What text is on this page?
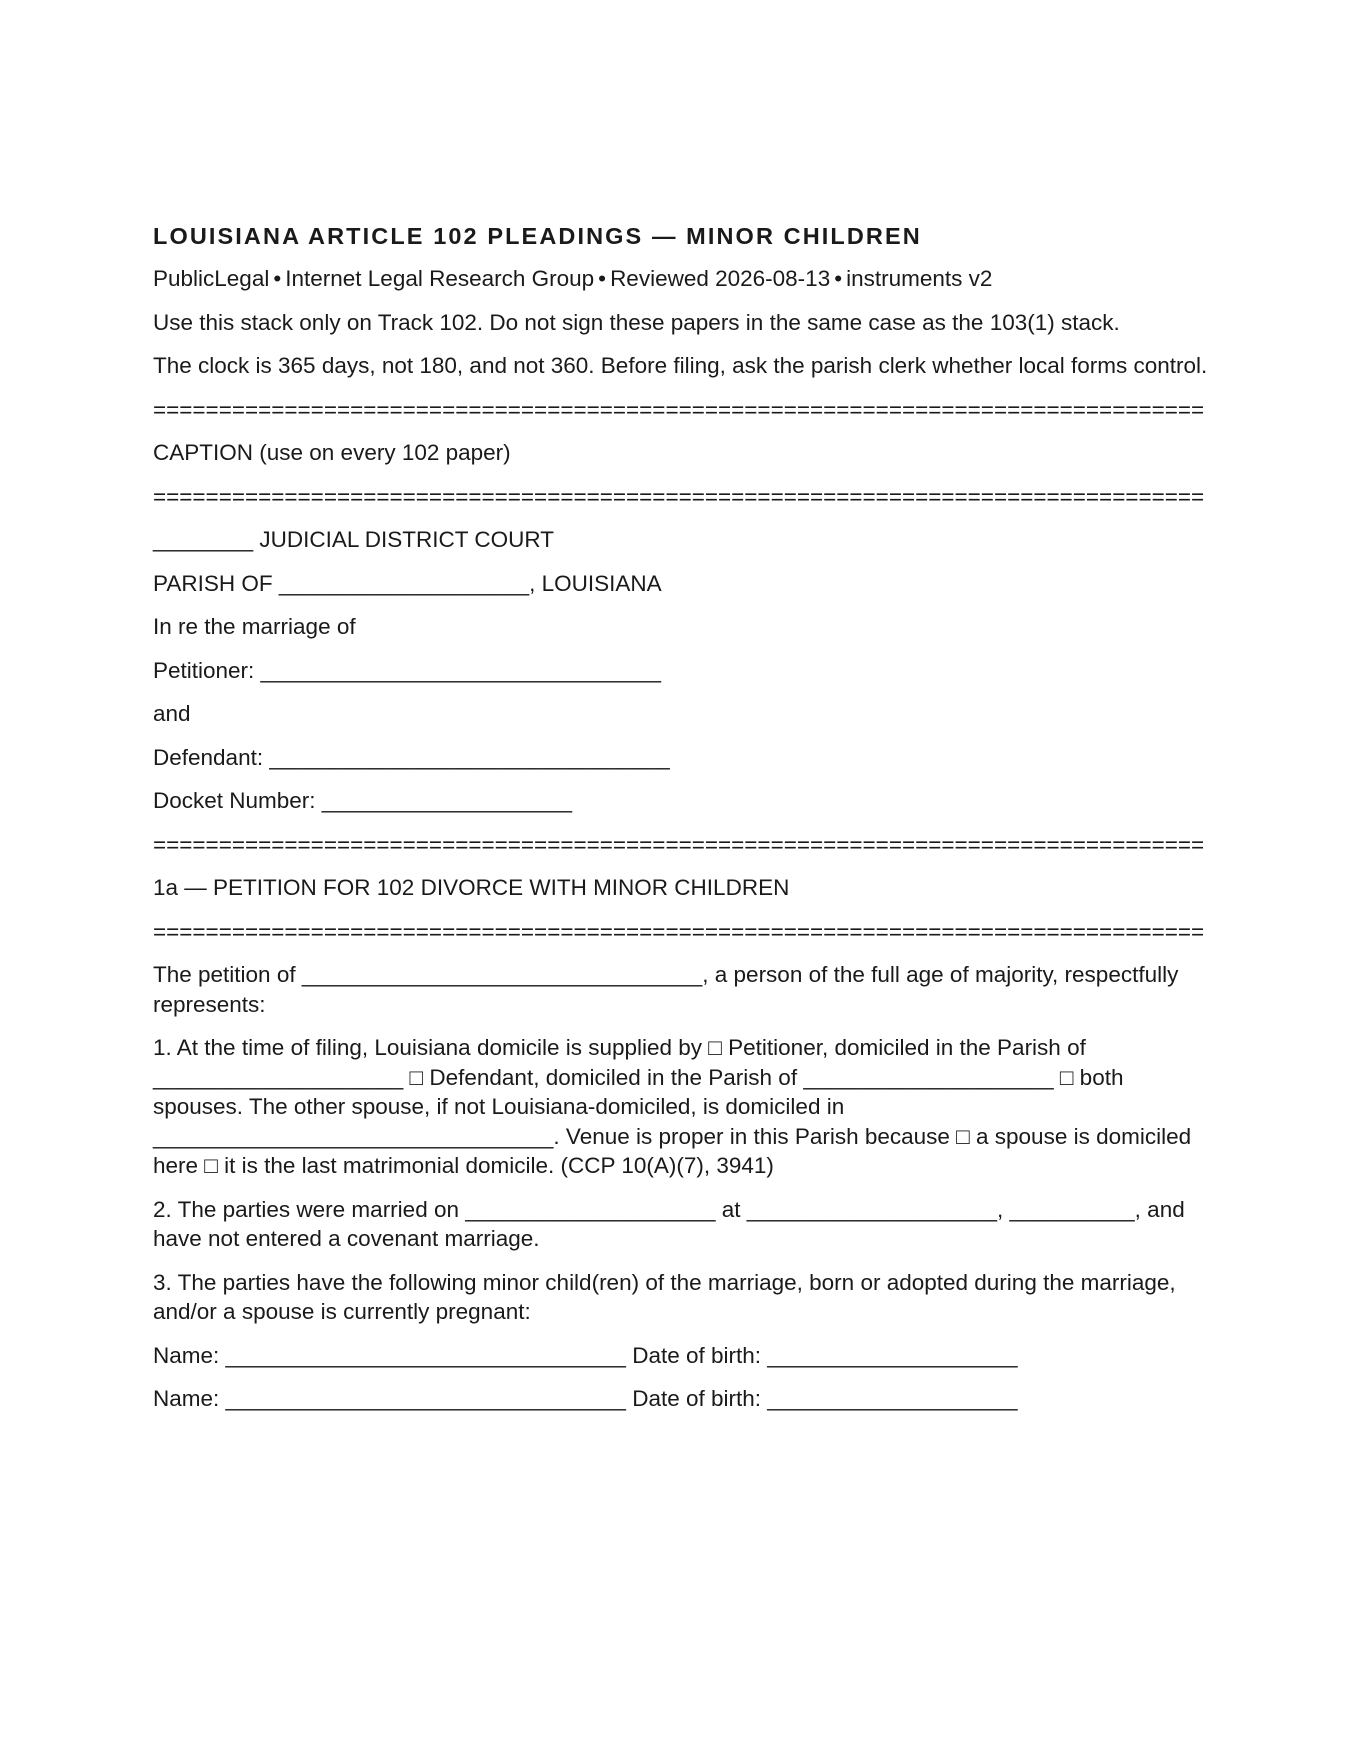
LOUISIANA ARTICLE 102 PLEADINGS — MINOR CHILDREN
PublicLegal • Internet Legal Research Group • Reviewed 2026-08-13 • instruments v2
Use this stack only on Track 102. Do not sign these papers in the same case as the 103(1) stack.
The clock is 365 days, not 180, and not 360. Before filing, ask the parish clerk whether local forms control.
================================================================================
CAPTION (use on every 102 paper)
================================================================================
________ JUDICIAL DISTRICT COURT
PARISH OF ____________________, LOUISIANA
In re the marriage of
Petitioner: ________________________________
and
Defendant: ________________________________
Docket Number: ____________________
================================================================================
1a — PETITION FOR 102 DIVORCE WITH MINOR CHILDREN
================================================================================
The petition of ________________________________, a person of the full age of majority, respectfully represents:
1. At the time of filing, Louisiana domicile is supplied by □ Petitioner, domiciled in the Parish of ____________________ □ Defendant, domiciled in the Parish of ____________________ □ both spouses. The other spouse, if not Louisiana-domiciled, is domiciled in ________________________________. Venue is proper in this Parish because □ a spouse is domiciled here □ it is the last matrimonial domicile. (CCP 10(A)(7), 3941)
2. The parties were married on ____________________ at ____________________, __________, and have not entered a covenant marriage.
3. The parties have the following minor child(ren) of the marriage, born or adopted during the marriage, and/or a spouse is currently pregnant:
Name: ________________________________ Date of birth: ____________________
Name: ________________________________ Date of birth: ____________________
